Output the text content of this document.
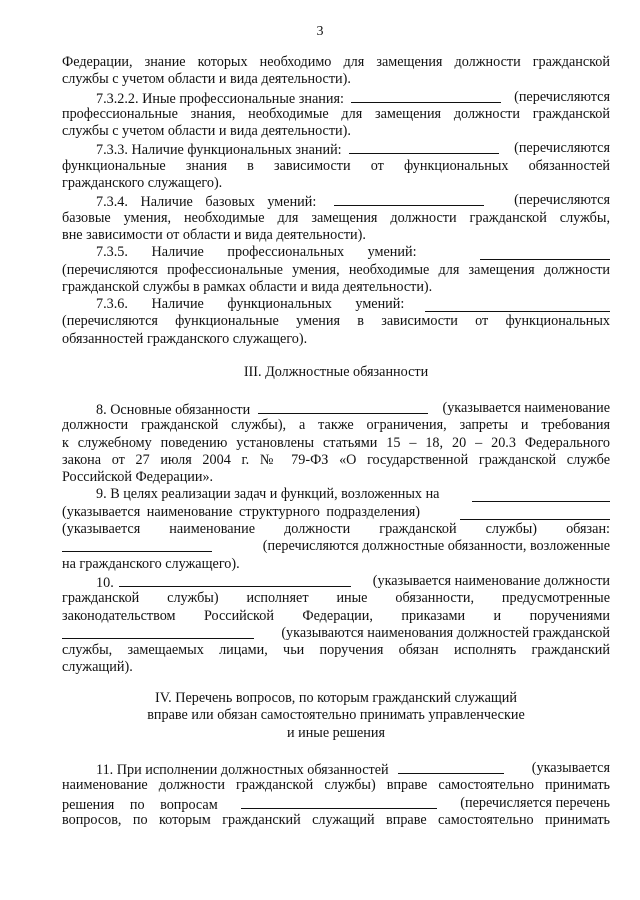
3
Федерации, знание которых необходимо для замещения должности гражданской
службы с учетом области и вида деятельности).
7.3.2.2. Иные профессиональные знания:	(перечисляются
профессиональные знания, необходимые для замещения должности гражданской
службы с учетом области и вида деятельности).
7.3.3. Наличие функциональных знаний:	(перечисляются
функциональные знания в зависимости от функциональных обязанностей
гражданского служащего).
7.3.4. Наличие базовых умений:	(перечисляются
базовые умения, необходимые для замещения должности гражданской службы,
вне зависимости от области и вида деятельности).
7.3.5. Наличие профессиональных умений:
(перечисляются профессиональные умения, необходимые для замещения должности
гражданской службы в рамках области и вида деятельности).
7.3.6. Наличие функциональных умений:
(перечисляются функциональные умения в зависимости от функциональных
обязанностей гражданского служащего).
III. Должностные обязанности
8. Основные обязанности	(указывается наименование
должности гражданской службы), а также ограничения, запреты и требования
к служебному поведению установлены статьями 15 – 18, 20 – 20.3 Федерального
закона от 27 июля 2004 г. № 79-ФЗ «О государственной гражданской службе
Российской Федерации».
9. В целях реализации задач и функций, возложенных на
(указывается наименование структурного подразделения)
(указывается наименование должности гражданской службы) обязан:
(перечисляются должностные обязанности, возложенные
на гражданского служащего).
10.	(указывается наименование должности
гражданской службы) исполняет иные обязанности, предусмотренные
законодательством Российской Федерации, приказами и поручениями
(указываются наименования должностей гражданской
службы, замещаемых лицами, чьи поручения обязан исполнять гражданский
служащий).
IV. Перечень вопросов, по которым гражданский служащий
вправе или обязан самостоятельно принимать управленческие
и иные решения
11. При исполнении должностных обязанностей	(указывается
наименование должности гражданской службы) вправе самостоятельно принимать
решения по вопросам	(перечисляется перечень
вопросов, по которым гражданский служащий вправе самостоятельно принимать
